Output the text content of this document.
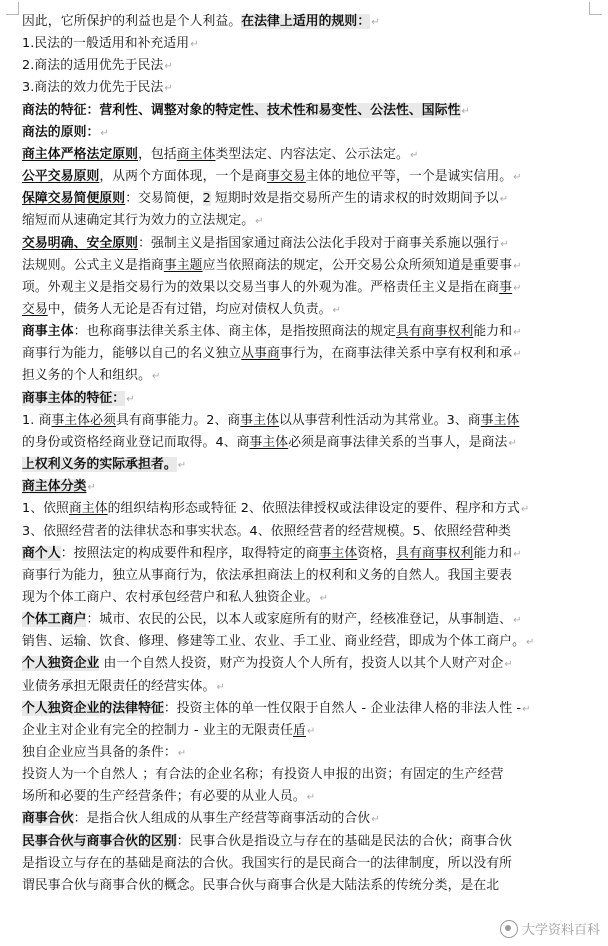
因此，它所保护的利益也是个人利益。在法律上适用的规则：↵
1.民法的一般适用和补充适用↵
2.商法的适用优先于民法↵
3.商法的效力优先于民法↵
商法的特征：营利性、调整对象的特定性、技术性和易变性、公法性、国际性↵
商法的原则：↵
商主体严格法定原则，包括商主体类型法定、内容法定、公示法定。↵
公平交易原则，从两个方面体现，一个是商事交易主体的地位平等，一个是诚实信用。↵
保障交易简便原则：交易简便，2 短期时效是指交易所产生的请求权的时效期间予以↵
缩短而从速确定其行为效力的立法规定。↵
交易明确、安全原则：强制主义是指国家通过商法公法化手段对于商事关系施以强行↵
法规则。公式主义是指商事主题应当依照商法的规定，公开交易公众所须知道是重要事↵
项。外观主义是指交易行为的效果以交易当事人的外观为准。严格责任主义是指在商事↵
交易中，债务人无论是否有过错，均应对债权人负责。↵
商事主体：也称商事法律关系主体、商主体，是指按照商法的规定具有商事权利能力和↵
商事行为能力，能够以自己的名义独立从事商事行为，在商事法律关系中享有权利和承↵
担义务的个人和组织。↵
商事主体的特征：↵
1. 商事主体必须具有商事能力。2、商事主体以从事营利性活动为其常业。3、商事主体
的身份或资格经商业登记而取得。4、商事主体必须是商事法律关系的当事人，是商法↵
上权利义务的实际承担者。↵
商主体分类↵
1、依照商主体的组织结构形态或特征 2、依照法律授权或法律设定的要件、程序和方式↵
3、依照经营者的法律状态和事实状态。4、依照经营者的经营规模。5、依照经营种类
商个人：按照法定的构成要件和程序，取得特定的商事主体资格，具有商事权利能力和↵
商事行为能力，独立从事商行为，依法承担商法上的权利和义务的自然人。我国主要表
现为个体工商户、农村承包经营户和私人独资企业。↵
个体工商户：城市、农民的公民，以本人或家庭所有的财产，经核准登记，从事制造、↵
销售、运输、饮食、修理、修建等工业、农业、手工业、商业经营，即成为个体工商户。↵
个人独资企业 由一个自然人投资，财产为投资人个人所有，投资人以其个人财产对企↵
业债务承担无限责任的经营实体。↵
个人独资企业的法律特征：投资主体的单一性仅限于自然人 - 企业法律人格的非法人性 -↵
企业主对企业有完全的控制力 - 业主的无限责任盾↵
独自企业应当具备的条件：↵
投资人为一个自然人 ；有合法的企业名称；有投资人申报的出资；有固定的生产经营
场所和必要的生产经营条件；有必要的从业人员。↵
商事合伙：是指合伙人组成的从事生产经营等商事活动的合伙↵
民事合伙与商事合伙的区别：民事合伙是指设立与存在的基础是民法的合伙；商事合伙
是指设立与存在的基础是商法的合伙。我国实行的是民商合一的法律制度，所以没有所
谓民事合伙与商事合伙的概念。民事合伙与商事合伙是大陆法系的传统分类，是在北
大学资料百科
